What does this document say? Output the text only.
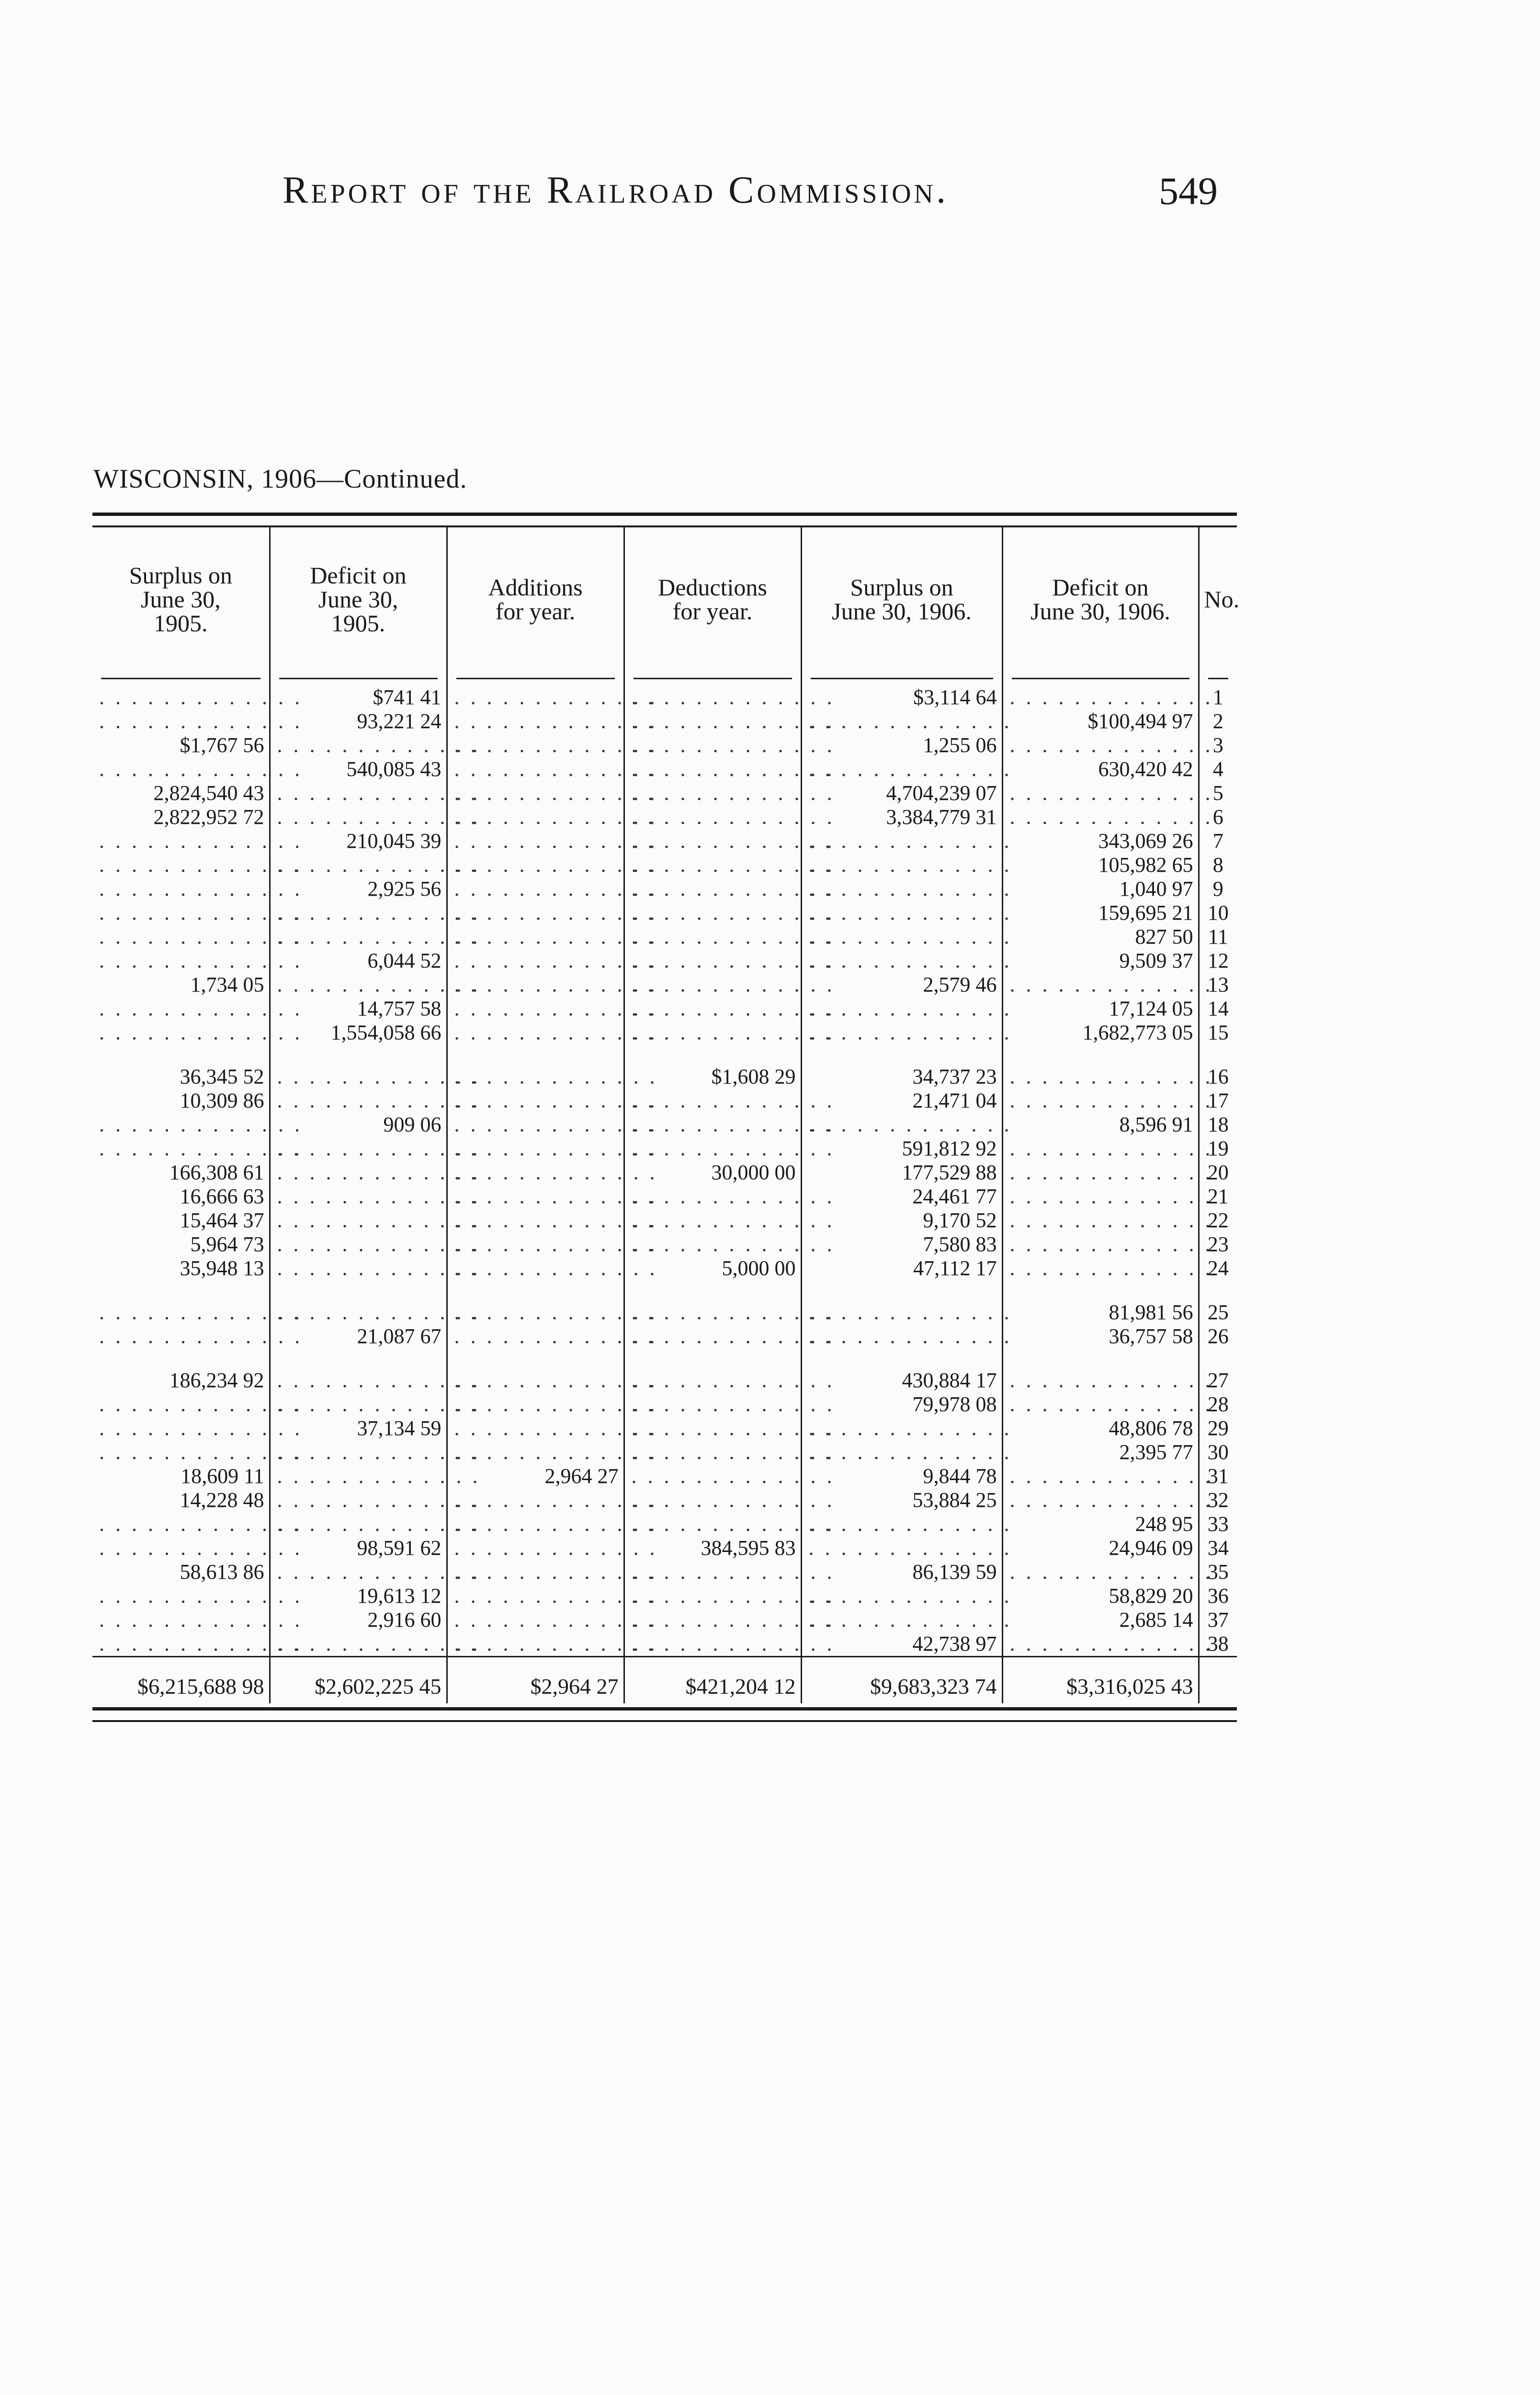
Report of the Railroad Commission.	549
WISCONSIN, 1906—Continued.
Surplus on
June 30,
1905.	Deficit on
June 30,
1905.	Additions
for year.	Deductions
for year.	Surplus on
June 30, 1906.	Deficit on
June 30, 1906.	No.

. . . . . . . . . . . . .	$741 41	. . . . . . . . . . . . .	. . . . . . . . . . . . .	$3,114 64	. . . . . . . . . . . . .	1
. . . . . . . . . . . . .	93,221 24	. . . . . . . . . . . . .	. . . . . . . . . . . . .	. . . . . . . . . . . . .	$100,494 97	2
$1,767 56	. . . . . . . . . . . . .	. . . . . . . . . . . . .	. . . . . . . . . . . . .	1,255 06	. . . . . . . . . . . . .	3
. . . . . . . . . . . . .	540,085 43	. . . . . . . . . . . . .	. . . . . . . . . . . . .	. . . . . . . . . . . . .	630,420 42	4
2,824,540 43	. . . . . . . . . . . . .	. . . . . . . . . . . . .	. . . . . . . . . . . . .	4,704,239 07	. . . . . . . . . . . . .	5
2,822,952 72	. . . . . . . . . . . . .	. . . . . . . . . . . . .	. . . . . . . . . . . . .	3,384,779 31	. . . . . . . . . . . . .	6
. . . . . . . . . . . . .	210,045 39	. . . . . . . . . . . . .	. . . . . . . . . . . . .	. . . . . . . . . . . . .	343,069 26	7
. . . . . . . . . . . . .	. . . . . . . . . . . . .	. . . . . . . . . . . . .	. . . . . . . . . . . . .	. . . . . . . . . . . . .	105,982 65	8
. . . . . . . . . . . . .	2,925 56	. . . . . . . . . . . . .	. . . . . . . . . . . . .	. . . . . . . . . . . . .	1,040 97	9
. . . . . . . . . . . . .	. . . . . . . . . . . . .	. . . . . . . . . . . . .	. . . . . . . . . . . . .	. . . . . . . . . . . . .	159,695 21	10
. . . . . . . . . . . . .	. . . . . . . . . . . . .	. . . . . . . . . . . . .	. . . . . . . . . . . . .	. . . . . . . . . . . . .	827 50	11
. . . . . . . . . . . . .	6,044 52	. . . . . . . . . . . . .	. . . . . . . . . . . . .	. . . . . . . . . . . . .	9,509 37	12
1,734 05	. . . . . . . . . . . . .	. . . . . . . . . . . . .	. . . . . . . . . . . . .	2,579 46	. . . . . . . . . . . . .	13
. . . . . . . . . . . . .	14,757 58	. . . . . . . . . . . . .	. . . . . . . . . . . . .	. . . . . . . . . . . . .	17,124 05	14
. . . . . . . . . . . . .	1,554,058 66	. . . . . . . . . . . . .	. . . . . . . . . . . . .	. . . . . . . . . . . . .	1,682,773 05	15

36,345 52	. . . . . . . . . . . . .	. . . . . . . . . . . . .	$1,608 29	34,737 23	. . . . . . . . . . . . .	16
10,309 86	. . . . . . . . . . . . .	. . . . . . . . . . . . .	. . . . . . . . . . . . .	21,471 04	. . . . . . . . . . . . .	17
. . . . . . . . . . . . .	909 06	. . . . . . . . . . . . .	. . . . . . . . . . . . .	. . . . . . . . . . . . .	8,596 91	18
. . . . . . . . . . . . .	. . . . . . . . . . . . .	. . . . . . . . . . . . .	. . . . . . . . . . . . .	591,812 92	. . . . . . . . . . . . .	19
166,308 61	. . . . . . . . . . . . .	. . . . . . . . . . . . .	30,000 00	177,529 88	. . . . . . . . . . . . .	20
16,666 63	. . . . . . . . . . . . .	. . . . . . . . . . . . .	. . . . . . . . . . . . .	24,461 77	. . . . . . . . . . . . .	21
15,464 37	. . . . . . . . . . . . .	. . . . . . . . . . . . .	. . . . . . . . . . . . .	9,170 52	. . . . . . . . . . . . .	22
5,964 73	. . . . . . . . . . . . .	. . . . . . . . . . . . .	. . . . . . . . . . . . .	7,580 83	. . . . . . . . . . . . .	23
35,948 13	. . . . . . . . . . . . .	. . . . . . . . . . . . .	5,000 00	47,112 17	. . . . . . . . . . . . .	24

. . . . . . . . . . . . .	. . . . . . . . . . . . .	. . . . . . . . . . . . .	. . . . . . . . . . . . .	. . . . . . . . . . . . .	81,981 56	25
. . . . . . . . . . . . .	21,087 67	. . . . . . . . . . . . .	. . . . . . . . . . . . .	. . . . . . . . . . . . .	36,757 58	26

186,234 92	. . . . . . . . . . . . .	. . . . . . . . . . . . .	. . . . . . . . . . . . .	430,884 17	. . . . . . . . . . . . .	27
. . . . . . . . . . . . .	. . . . . . . . . . . . .	. . . . . . . . . . . . .	. . . . . . . . . . . . .	79,978 08	. . . . . . . . . . . . .	28
. . . . . . . . . . . . .	37,134 59	. . . . . . . . . . . . .	. . . . . . . . . . . . .	. . . . . . . . . . . . .	48,806 78	29
. . . . . . . . . . . . .	. . . . . . . . . . . . .	. . . . . . . . . . . . .	. . . . . . . . . . . . .	. . . . . . . . . . . . .	2,395 77	30
18,609 11	. . . . . . . . . . . . .	2,964 27	. . . . . . . . . . . . .	9,844 78	. . . . . . . . . . . . .	31
14,228 48	. . . . . . . . . . . . .	. . . . . . . . . . . . .	. . . . . . . . . . . . .	53,884 25	. . . . . . . . . . . . .	32
. . . . . . . . . . . . .	. . . . . . . . . . . . .	. . . . . . . . . . . . .	. . . . . . . . . . . . .	. . . . . . . . . . . . .	248 95	33
. . . . . . . . . . . . .	98,591 62	. . . . . . . . . . . . .	384,595 83	. . . . . . . . . . . . .	24,946 09	34
58,613 86	. . . . . . . . . . . . .	. . . . . . . . . . . . .	. . . . . . . . . . . . .	86,139 59	. . . . . . . . . . . . .	35
. . . . . . . . . . . . .	19,613 12	. . . . . . . . . . . . .	. . . . . . . . . . . . .	. . . . . . . . . . . . .	58,829 20	36
. . . . . . . . . . . . .	2,916 60	. . . . . . . . . . . . .	. . . . . . . . . . . . .	. . . . . . . . . . . . .	2,685 14	37
. . . . . . . . . . . . .	. . . . . . . . . . . . .	. . . . . . . . . . . . .	. . . . . . . . . . . . .	42,738 97	. . . . . . . . . . . . .	38
$6,215,688 98	$2,602,225 45	$2,964 27	$421,204 12	$9,683,323 74	$3,316,025 43	
